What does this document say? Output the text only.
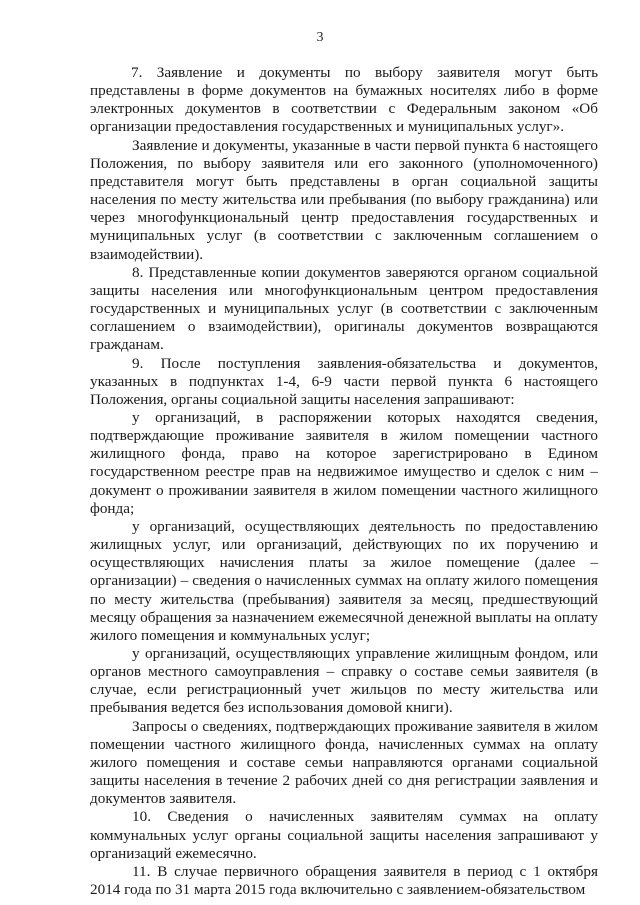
3

7. Заявление и документы по выбору заявителя могут быть представлены в форме документов на бумажных носителях либо в форме электронных документов в соответствии с Федеральным законом «Об организации предоставления государственных и муниципальных услуг».

Заявление и документы, указанные в части первой пункта 6 настоящего Положения, по выбору заявителя или его законного (уполномоченного) представителя могут быть представлены в орган социальной защиты населения по месту жительства или пребывания (по выбору гражданина) или через многофункциональный центр предоставления государственных и муниципальных услуг (в соответствии с заключенным соглашением о взаимодействии).

8. Представленные копии документов заверяются органом социальной защиты населения или многофункциональным центром предоставления государственных и муниципальных услуг (в соответствии с заключенным соглашением о взаимодействии), оригиналы документов возвращаются гражданам.

9. После поступления заявления-обязательства и документов, указанных в подпунктах 1-4, 6-9 части первой пункта 6 настоящего Положения, органы социальной защиты населения запрашивают:

у организаций, в распоряжении которых находятся сведения, подтверждающие проживание заявителя в жилом помещении частного жилищного фонда, право на которое зарегистрировано в Едином государственном реестре прав на недвижимое имущество и сделок с ним – документ о проживании заявителя в жилом помещении частного жилищного фонда;

у организаций, осуществляющих деятельность по предоставлению жилищных услуг, или организаций, действующих по их поручению и осуществляющих начисления платы за жилое помещение (далее – организации) – сведения о начисленных суммах на оплату жилого помещения по месту жительства (пребывания) заявителя за месяц, предшествующий месяцу обращения за назначением ежемесячной денежной выплаты на оплату жилого помещения и коммунальных услуг;

у организаций, осуществляющих управление жилищным фондом, или органов местного самоуправления – справку о составе семьи заявителя (в случае, если регистрационный учет жильцов по месту жительства или пребывания ведется без использования домовой книги).

Запросы о сведениях, подтверждающих проживание заявителя в жилом помещении частного жилищного фонда, начисленных суммах на оплату жилого помещения и составе семьи направляются органами социальной защиты населения в течение 2 рабочих дней со дня регистрации заявления и документов заявителя.

10. Сведения о начисленных заявителям суммах на оплату коммунальных услуг органы социальной защиты населения запрашивают у организаций ежемесячно.

11. В случае первичного обращения заявителя в период с 1 октября 2014 года по 31 марта 2015 года включительно с заявлением-обязательством
